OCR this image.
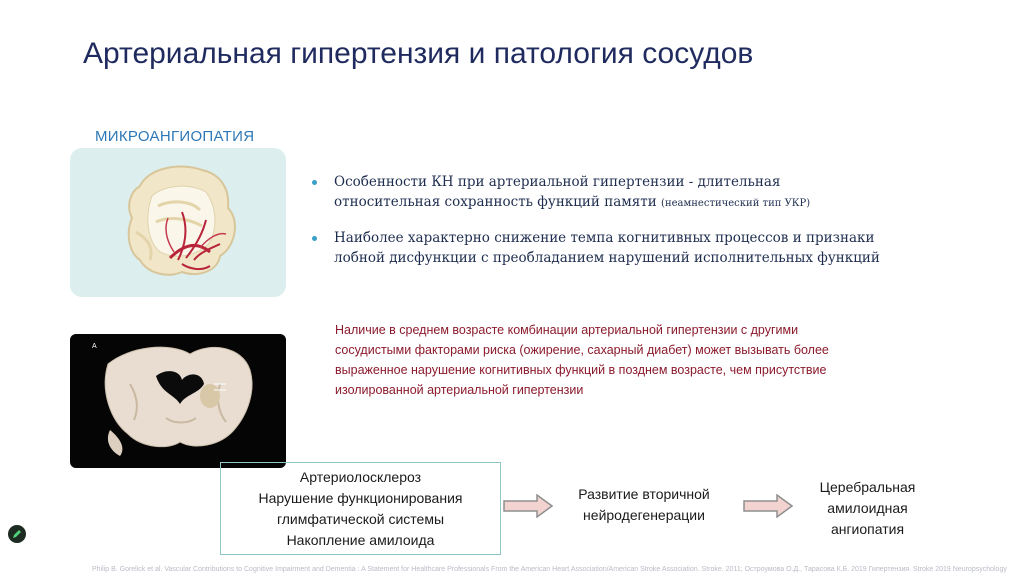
Артериальная гипертензия и патология сосудов
МИКРОАНГИОПАТИЯ
A
Особенности КН при артериальной гипертензии - длительная
относительная сохранность функций памяти (неамнестический тип УКР)
Наиболее характерно снижение темпа когнитивных процессов и признаки
лобной дисфункции с преобладанием нарушений исполнительных функций
Наличие в среднем возрасте комбинации артериальной гипертензии с другими
сосудистыми факторами риска (ожирение, сахарный диабет) может вызывать более
выраженное нарушение когнитивных функций в позднем возрасте, чем присутствие
изолированной артериальной гипертензии
Артериолосклероз
Нарушение функционирования
глимфатической системы
Накопление амилоида
Развитие вторичной
нейродегенерации
Церебральная
амилоидная
ангиопатия
Philip B. Gorelick et al. Vascular Contributions to Cognitive Impairment and Dementia : A Statement for Healthcare Professionals From the American Heart Association/American Stroke Association. Stroke. 2011; Остроумова О.Д., Тарасова К.Б. 2019 Гипертензия. Stroke 2019 Neuropsychology
